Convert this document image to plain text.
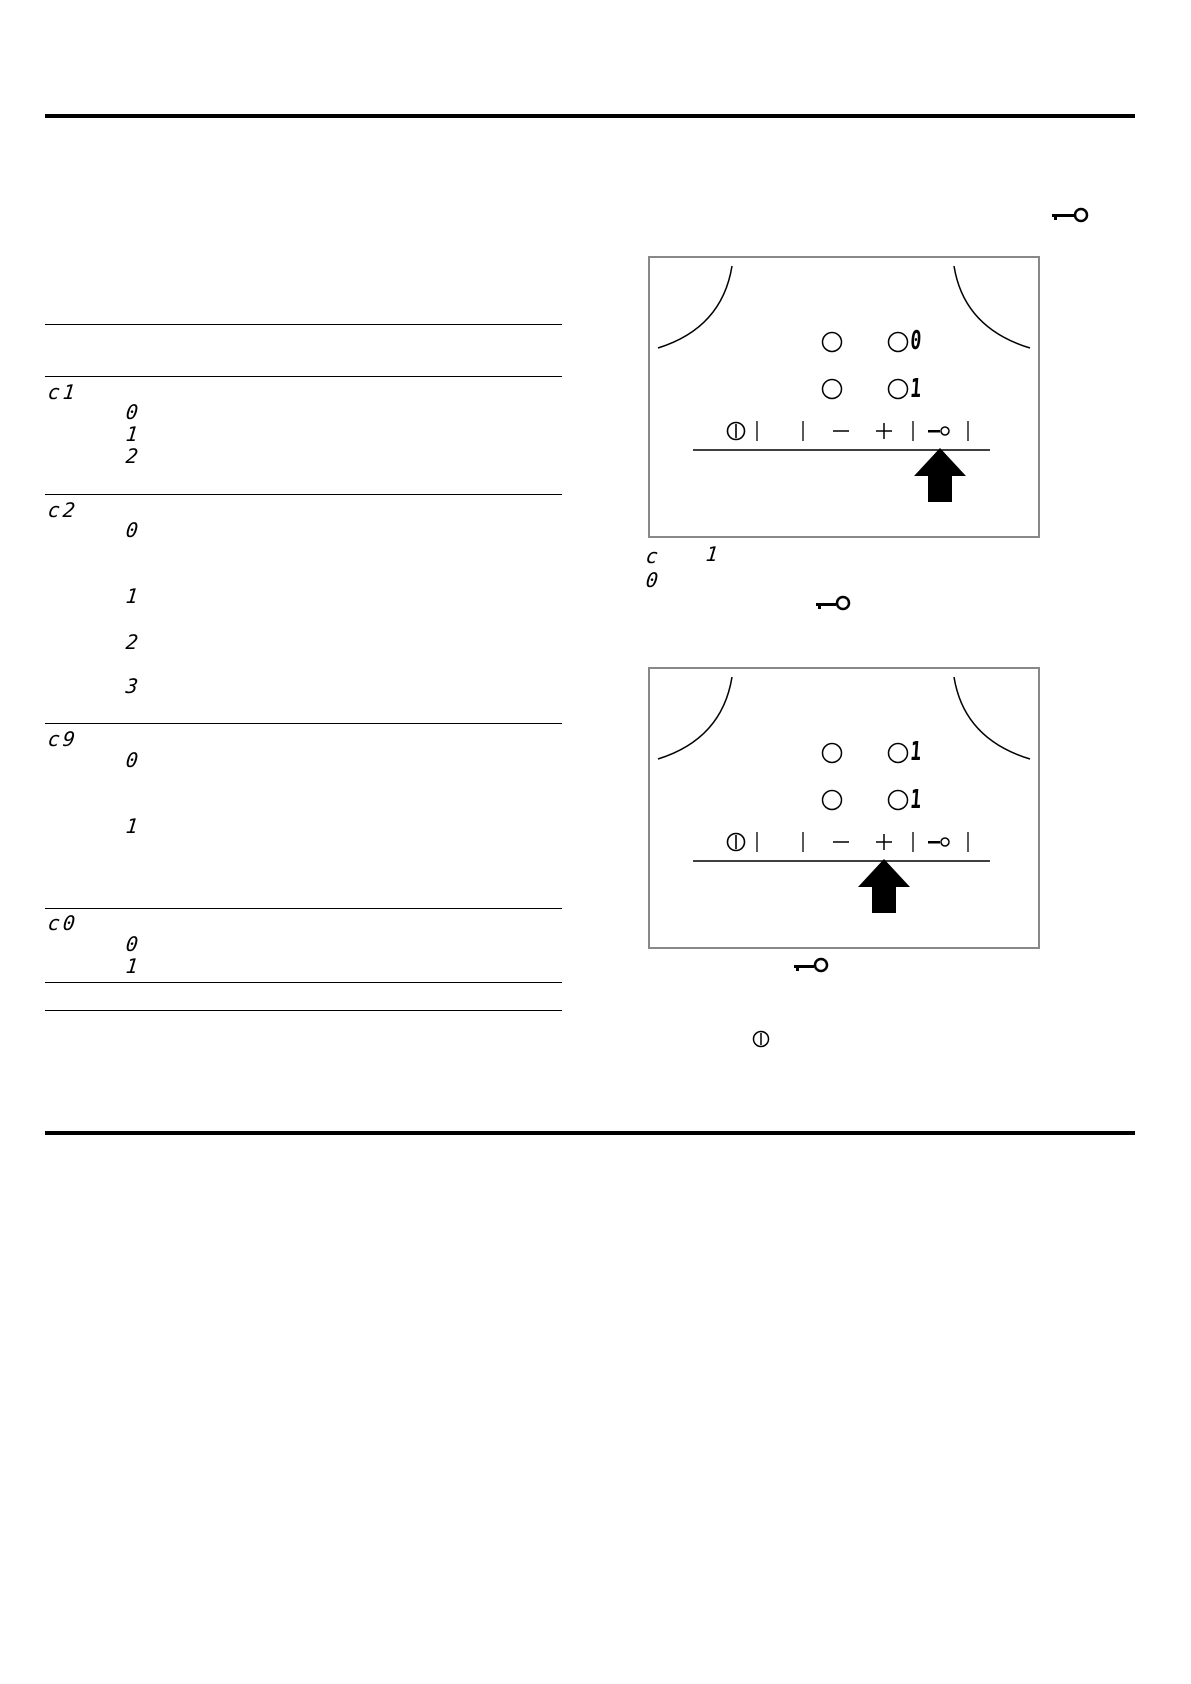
c1
0
1
2
c2
0
1
2
3
c9
0
1
c0
0
1
0
1
c 1
0
1
1
